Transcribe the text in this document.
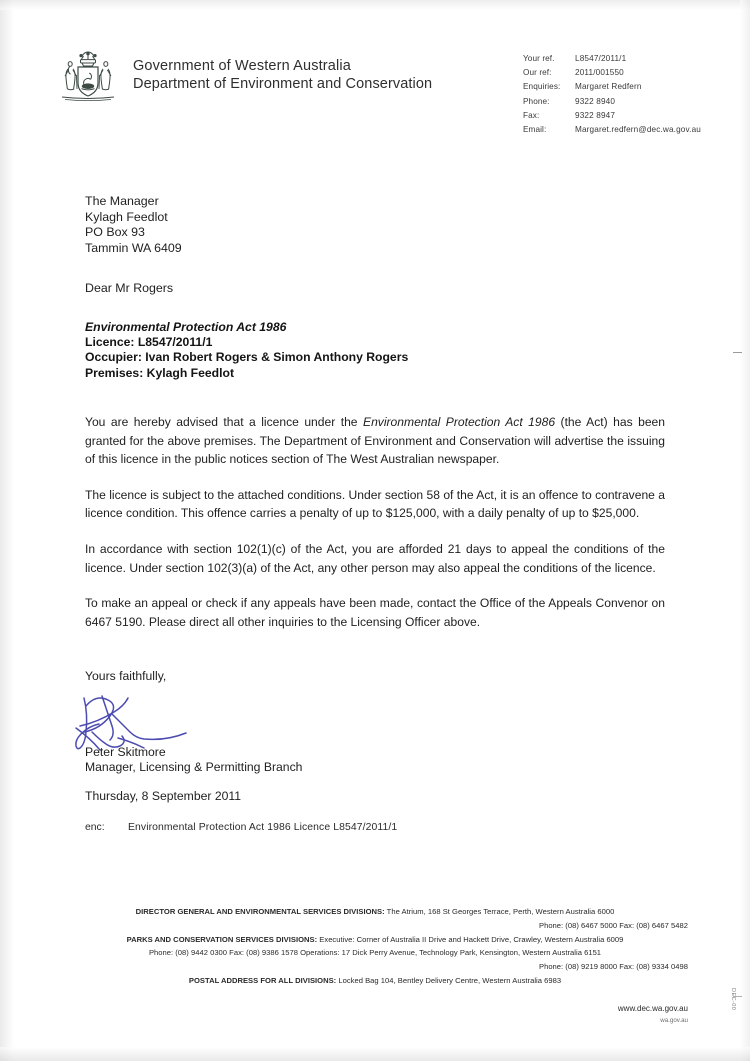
Government of Western Australia
Department of Environment and Conservation
Your ref.	L8547/2011/1
Our ref:	2011/001550
Enquiries:	Margaret Redfern
Phone:	9322 8940
Fax:	9322 8947
Email:	Margaret.redfern@dec.wa.gov.au
The Manager
Kylagh Feedlot
PO Box 93
Tammin WA 6409
Dear Mr Rogers
Environmental Protection Act 1986
Licence: L8547/2011/1
Occupier: Ivan Robert Rogers & Simon Anthony Rogers
Premises: Kylagh Feedlot

You are hereby advised that a licence under the Environmental Protection Act 1986 (the Act) has been granted for the above premises. The Department of Environment and Conservation will advertise the issuing of this licence in the public notices section of The West Australian newspaper.

The licence is subject to the attached conditions. Under section 58 of the Act, it is an offence to contravene a licence condition. This offence carries a penalty of up to $125,000, with a daily penalty of up to $25,000.

In accordance with section 102(1)(c) of the Act, you are afforded 21 days to appeal the conditions of the licence. Under section 102(3)(a) of the Act, any other person may also appeal the conditions of the licence.

To make an appeal or check if any appeals have been made, contact the Office of the Appeals Convenor on 6467 5190. Please direct all other inquiries to the Licensing Officer above.

Yours faithfully,
Peter Skitmore
Manager, Licensing & Permitting Branch
Thursday, 8 September 2011
enc:	Environmental Protection Act 1986 Licence L8547/2011/1
DIRECTOR GENERAL AND ENVIRONMENTAL SERVICES DIVISIONS: The Atrium, 168 St Georges Terrace, Perth, Western Australia 6000
Phone: (08) 6467 5000 Fax: (08) 6467 5482
PARKS AND CONSERVATION SERVICES DIVISIONS: Executive: Corner of Australia II Drive and Hackett Drive, Crawley, Western Australia 6009
Phone: (08) 9442 0300 Fax: (08) 9386 1578 Operations: 17 Dick Perry Avenue, Technology Park, Kensington, Western Australia 6151
Phone: (08) 9219 8000 Fax: (08) 9334 0498
POSTAL ADDRESS FOR ALL DIVISIONS: Locked Bag 104, Bentley Delivery Centre, Western Australia 6983
www.dec.wa.gov.au
wa.gov.au
DEC-00
